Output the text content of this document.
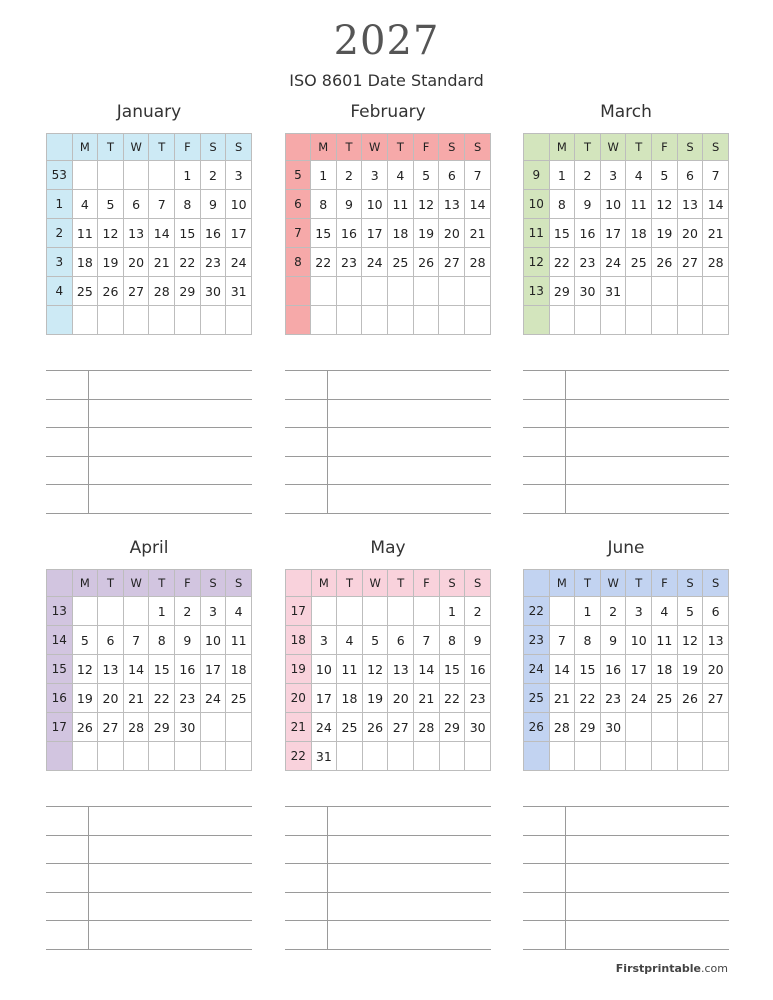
2027
ISO 8601 Date Standard
January
	M	T	W	T	F	S	S
53					1	2	3
1	4	5	6	7	8	9	10
2	11	12	13	14	15	16	17
3	18	19	20	21	22	23	24
4	25	26	27	28	29	30	31

February
	M	T	W	T	F	S	S
5	1	2	3	4	5	6	7
6	8	9	10	11	12	13	14
7	15	16	17	18	19	20	21
8	22	23	24	25	26	27	28

March
	M	T	W	T	F	S	S
9	1	2	3	4	5	6	7
10	8	9	10	11	12	13	14
11	15	16	17	18	19	20	21
12	22	23	24	25	26	27	28
13	29	30	31				

April
	M	T	W	T	F	S	S
13				1	2	3	4
14	5	6	7	8	9	10	11
15	12	13	14	15	16	17	18
16	19	20	21	22	23	24	25
17	26	27	28	29	30		

May
	M	T	W	T	F	S	S
17						1	2
18	3	4	5	6	7	8	9
19	10	11	12	13	14	15	16
20	17	18	19	20	21	22	23
21	24	25	26	27	28	29	30
22	31						
June
	M	T	W	T	F	S	S
22		1	2	3	4	5	6
23	7	8	9	10	11	12	13
24	14	15	16	17	18	19	20
25	21	22	23	24	25	26	27
26	28	29	30				

Firstprintable.com
